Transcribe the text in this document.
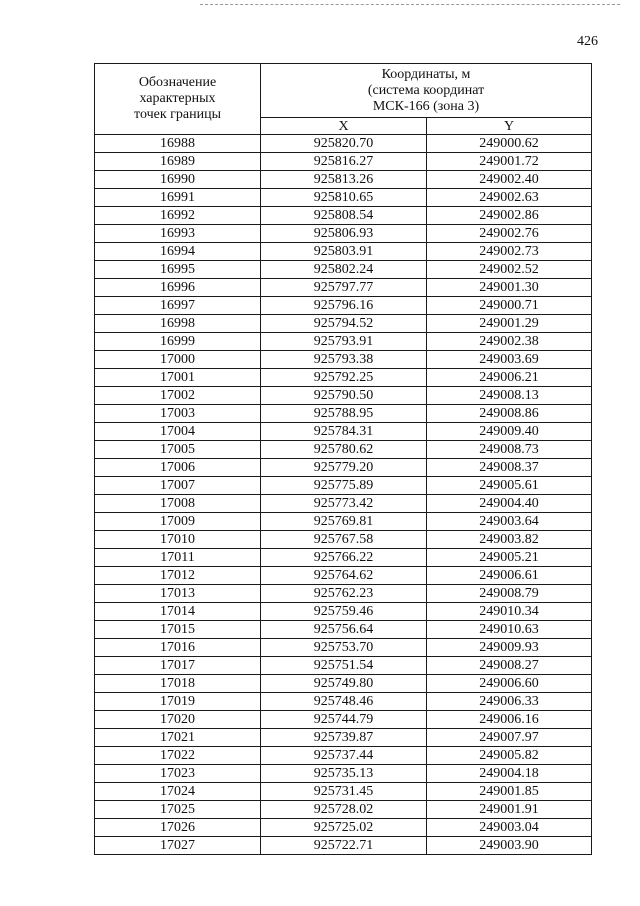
426
Обозначение
характерных
точек границы	Координаты, м
(система координат
МСК-166 (зона 3)	

	X	Y
16988	925820.70	249000.62
16989	925816.27	249001.72
16990	925813.26	249002.40
16991	925810.65	249002.63
16992	925808.54	249002.86
16993	925806.93	249002.76
16994	925803.91	249002.73
16995	925802.24	249002.52
16996	925797.77	249001.30
16997	925796.16	249000.71
16998	925794.52	249001.29
16999	925793.91	249002.38
17000	925793.38	249003.69
17001	925792.25	249006.21
17002	925790.50	249008.13
17003	925788.95	249008.86
17004	925784.31	249009.40
17005	925780.62	249008.73
17006	925779.20	249008.37
17007	925775.89	249005.61
17008	925773.42	249004.40
17009	925769.81	249003.64
17010	925767.58	249003.82
17011	925766.22	249005.21
17012	925764.62	249006.61
17013	925762.23	249008.79
17014	925759.46	249010.34
17015	925756.64	249010.63
17016	925753.70	249009.93
17017	925751.54	249008.27
17018	925749.80	249006.60
17019	925748.46	249006.33
17020	925744.79	249006.16
17021	925739.87	249007.97
17022	925737.44	249005.82
17023	925735.13	249004.18
17024	925731.45	249001.85
17025	925728.02	249001.91
17026	925725.02	249003.04
17027	925722.71	249003.90
